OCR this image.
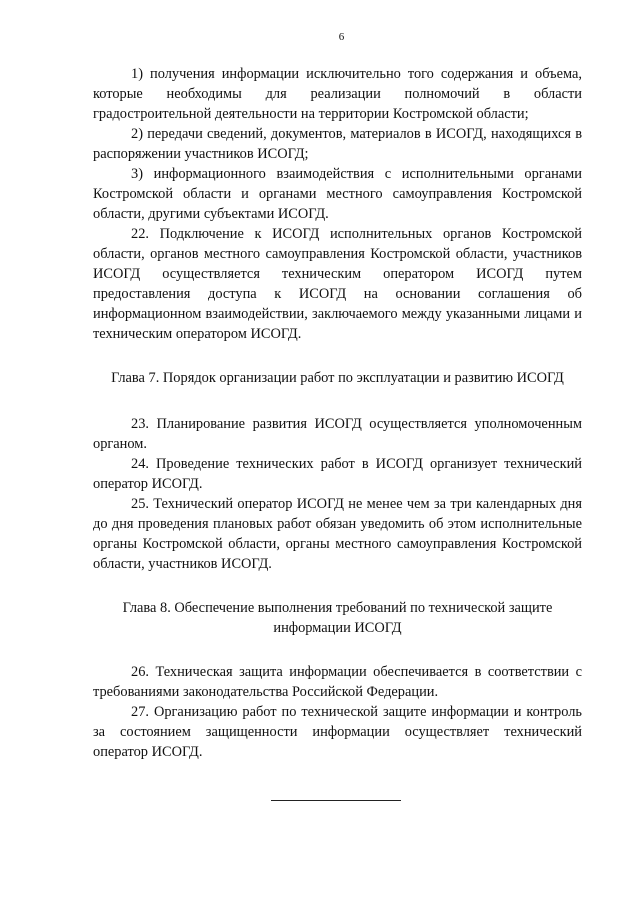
6

1) получения информации исключительно того содержания и объема, которые необходимы для реализации полномочий в области градостроительной деятельности на территории Костромской области;

2) передачи сведений, документов, материалов в ИСОГД, находящихся в распоряжении участников ИСОГД;

3) информационного взаимодействия с исполнительными органами Костромской области и органами местного самоуправления Костромской области, другими субъектами ИСОГД.

22. Подключение к ИСОГД исполнительных органов Костромской области, органов местного самоуправления Костромской области, участников ИСОГД осуществляется техническим оператором ИСОГД путем предоставления доступа к ИСОГД на основании соглашения об информационном взаимодействии, заключаемого между указанными лицами и техническим оператором ИСОГД.

Глава 7. Порядок организации работ по эксплуатации и развитию ИСОГД

23. Планирование развития ИСОГД осуществляется уполномоченным органом.

24. Проведение технических работ в ИСОГД организует технический оператор ИСОГД.

25. Технический оператор ИСОГД не менее чем за три календарных дня до дня проведения плановых работ обязан уведомить об этом исполнительные органы Костромской области, органы местного самоуправления Костромской области, участников ИСОГД.

Глава 8. Обеспечение выполнения требований по технической защите
информации ИСОГД

26. Техническая защита информации обеспечивается в соответствии с требованиями законодательства Российской Федерации.

27. Организацию работ по технической защите информации и контроль за состоянием защищенности информации осуществляет технический оператор ИСОГД.
